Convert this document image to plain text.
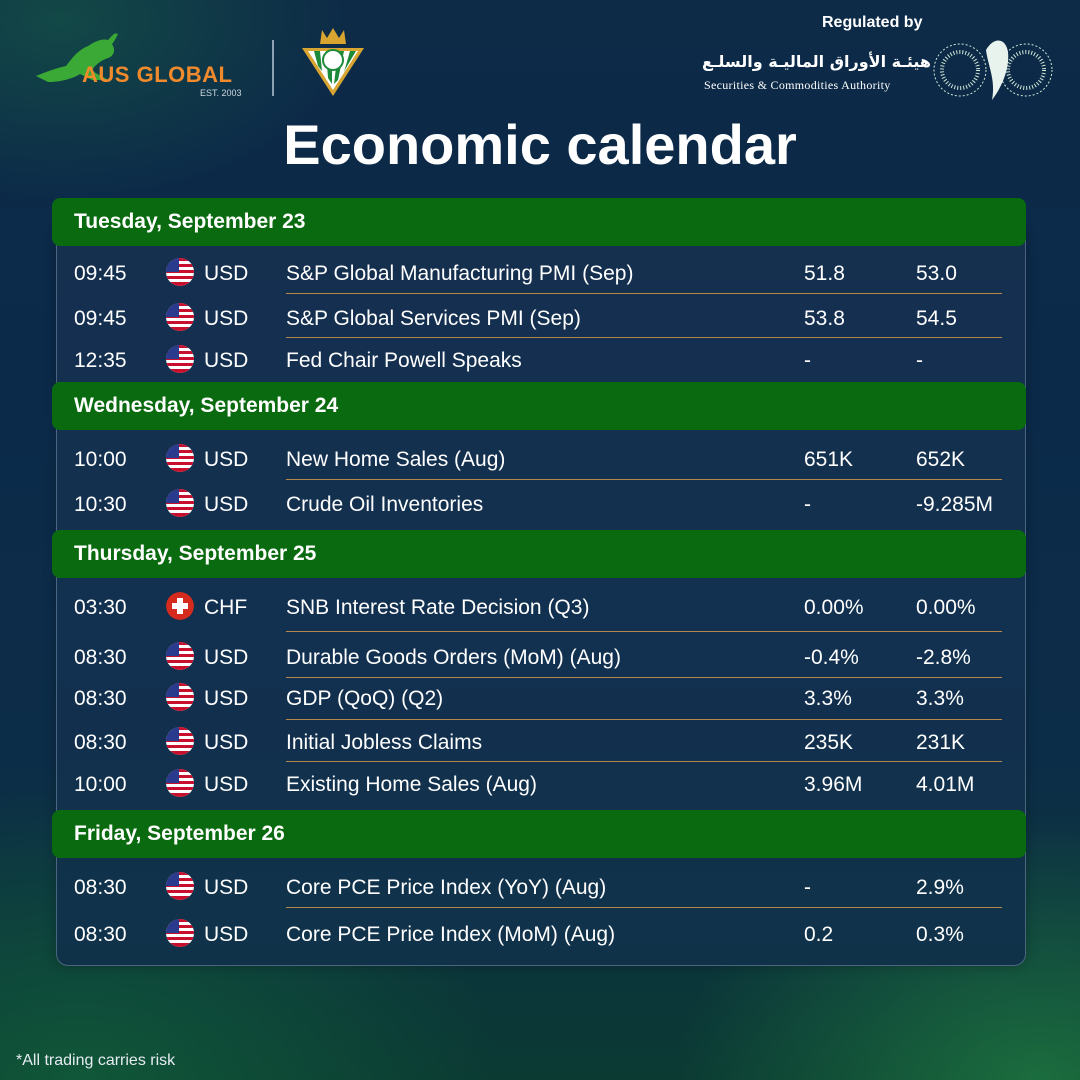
AUS GLOBAL
EST. 2003
Regulated by
هيئـة الأوراق الماليـة والسلـع
Securities & Commodities Authority
Economic calendar
Tuesday, September 23
Wednesday, September 24
Thursday, September 25
Friday, September 26
09:45	USD S&P Global Manufacturing PMI (Sep)	51.8	53.0
09:45	USD S&P Global Services PMI (Sep)	53.8	54.5
12:35	USD Fed Chair Powell Speaks	-	-
10:00	USD New Home Sales (Aug)	651K	652K
10:30	USD Crude Oil Inventories	-	-9.285M
03:30	CHF SNB Interest Rate Decision (Q3)	0.00% 0.00%
08:30	USD Durable Goods Orders (MoM) (Aug)	-0.4%	-2.8%
08:30	USD GDP (QoQ) (Q2)	3.3%	3.3%
08:30	USD Initial Jobless Claims	235K	231K
10:00	USD Existing Home Sales (Aug)	3.96M	4.01M
08:30	USD Core PCE Price Index (YoY) (Aug)	-	2.9%
08:30	USD Core PCE Price Index (MoM) (Aug)	0.2	0.3%
*All trading carries risk
